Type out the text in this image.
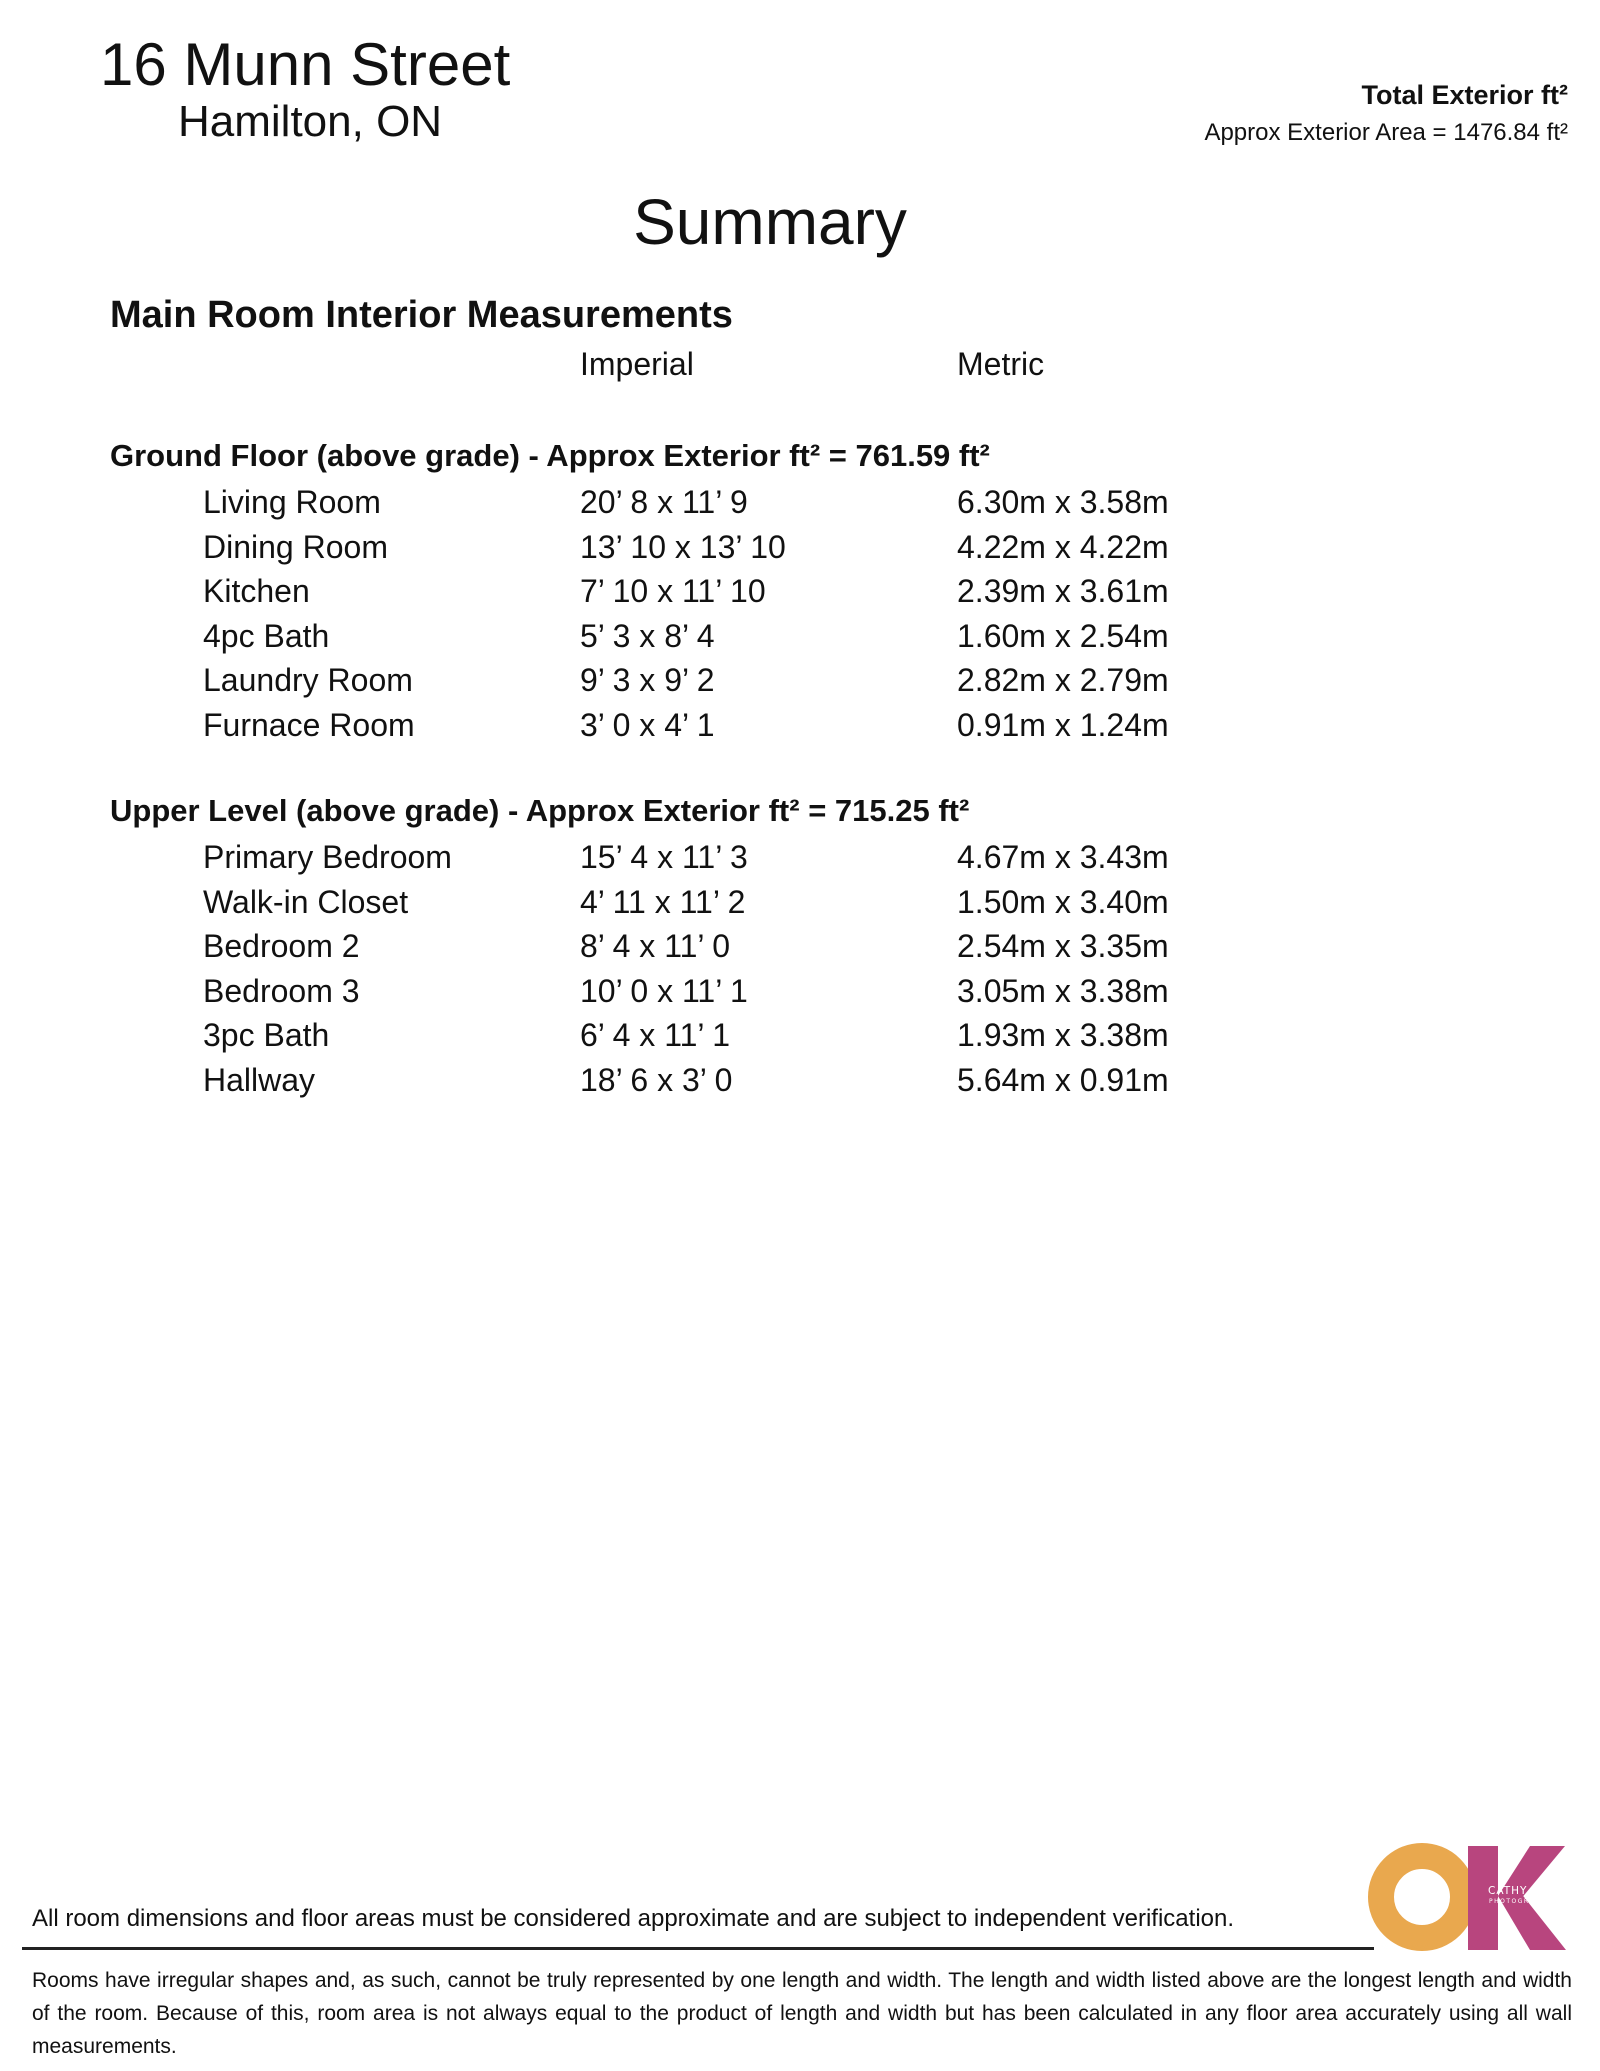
16 Munn Street
Hamilton, ON
Total Exterior ft²
Approx Exterior Area = 1476.84 ft²
Summary
Main Room Interior Measurements
Imperial	Metric
Ground Floor (above grade) - Approx Exterior ft² = 761.59 ft²
Living Room	20’ 8 x 11’ 9	6.30m x 3.58m
Dining Room	13’ 10 x 13’ 10	4.22m x 4.22m
Kitchen	7’ 10 x 11’ 10	2.39m x 3.61m
4pc Bath	5’ 3 x 8’ 4	1.60m x 2.54m
Laundry Room	9’ 3 x 9’ 2	2.82m x 2.79m
Furnace Room	3’ 0 x 4’ 1	0.91m x 1.24m
Upper Level (above grade) - Approx Exterior ft² = 715.25 ft²
Primary Bedroom	15’ 4 x 11’ 3	4.67m x 3.43m
Walk-in Closet	4’ 11 x 11’ 2	1.50m x 3.40m
Bedroom 2	8’ 4 x 11’ 0	2.54m x 3.35m
Bedroom 3	10’ 0 x 11’ 1	3.05m x 3.38m
3pc Bath	6’ 4 x 11’ 1	1.93m x 3.38m
Hallway	18’ 6 x 3’ 0	5.64m x 0.91m
All room dimensions and floor areas must be considered approximate and are subject to independent verification.
Rooms have irregular shapes and, as such, cannot be truly represented by one length and width. The length and width listed above are the longest length and width of the room. Because of this, room area is not always equal to the product of length and width but has been calculated in any floor area accurately using all wall measurements.
CATHY KOOP
PHOTOGRAPHY
